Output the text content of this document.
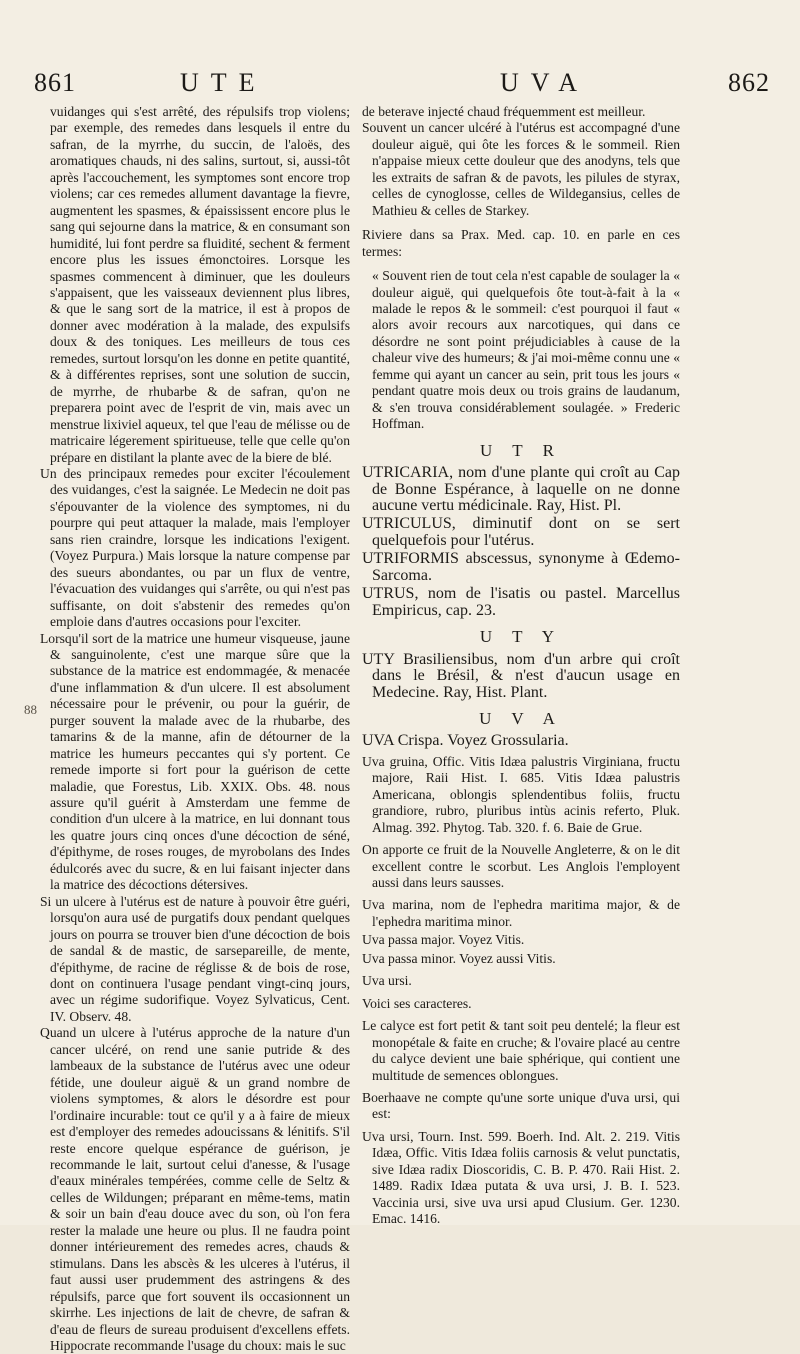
861	UTE	UVA	862

vuidanges qui s'est arrêté, des répulsifs trop violens; par exemple, des remedes dans lesquels il entre du safran, de la myrrhe, du succin, de l'aloës, des aromatiques chauds, ni des salins, surtout, si, aussi-tôt après l'accouchement, les symptomes sont encore trop violens; car ces remedes allument davantage la fievre, augmentent les spasmes, & épaississent encore plus le sang qui sejourne dans la matrice, & en consumant son humidité, lui font perdre sa fluidité, sechent & ferment encore plus les issues émonctoires. Lorsque les spasmes commencent à diminuer, que les douleurs s'appaisent, que les vaisseaux deviennent plus libres, & que le sang sort de la matrice, il est à propos de donner avec modération à la malade, des expulsifs doux & des toniques. Les meilleurs de tous ces remedes, surtout lorsqu'on les donne en petite quantité, & à différentes reprises, sont une solution de succin, de myrrhe, de rhubarbe & de safran, qu'on ne preparera point avec de l'esprit de vin, mais avec un menstrue lixiviel aqueux, tel que l'eau de mélisse ou de matricaire légerement spiritueuse, telle que celle qu'on prépare en distilant la plante avec de la biere de blé.

Un des principaux remedes pour exciter l'écoulement des vuidanges, c'est la saignée. Le Medecin ne doit pas s'épouvanter de la violence des symptomes, ni du pourpre qui peut attaquer la malade, mais l'employer sans rien craindre, lorsque les indications l'exigent. (Voyez Purpura.) Mais lorsque la nature compense par des sueurs abondantes, ou par un flux de ventre, l'évacuation des vuidanges qui s'arrête, ou qui n'est pas suffisante, on doit s'abstenir des remedes qu'on emploie dans d'autres occasions pour l'exciter.

Lorsqu'il sort de la matrice une humeur visqueuse, jaune & sanguinolente, c'est une marque sûre que la substance de la matrice est endommagée, & menacée d'une inflammation & d'un ulcere. Il est absolument nécessaire pour le prévenir, ou pour la guérir, de purger souvent la malade avec de la rhubarbe, des tamarins & de la manne, afin de détourner de la matrice les humeurs peccantes qui s'y portent. Ce remede importe si fort pour la guérison de cette maladie, que Forestus, Lib. XXIX. Obs. 48. nous assure qu'il guérit à Amsterdam une femme de condition d'un ulcere à la matrice, en lui donnant tous les quatre jours cinq onces d'une décoction de séné, d'épithyme, de roses rouges, de myrobolans des Indes édulcorés avec du sucre, & en lui faisant injecter dans la matrice des décoctions détersives.

Si un ulcere à l'utérus est de nature à pouvoir être guéri, lorsqu'on aura usé de purgatifs doux pendant quelques jours on pourra se trouver bien d'une décoction de bois de sandal & de mastic, de sarsepareille, de mente, d'épithyme, de racine de réglisse & de bois de rose, dont on continuera l'usage pendant vingt-cinq jours, avec un régime sudorifique. Voyez Sylvaticus, Cent. IV. Observ. 48.

Quand un ulcere à l'utérus approche de la nature d'un cancer ulcéré, on rend une sanie putride & des lambeaux de la substance de l'utérus avec une odeur fétide, une douleur aiguë & un grand nombre de violens symptomes, & alors le désordre est pour l'ordinaire incurable: tout ce qu'il y a à faire de mieux est d'employer des remedes adoucissans & lénitifs. S'il reste encore quelque espérance de guérison, je recommande le lait, surtout celui d'anesse, & l'usage d'eaux minérales tempérées, comme celle de Seltz & celles de Wildungen; préparant en même-tems, matin & soir un bain d'eau douce avec du son, où l'on fera rester la malade une heure ou plus. Il ne faudra point donner intérieurement des remedes acres, chauds & stimulans. Dans les abscès & les ulceres à l'utérus, il faut aussi user prudemment des astringens & des répulsifs, parce que fort souvent ils occasionnent un skirrhe. Les injections de lait de chevre, de safran & d'eau de fleurs de sureau produisent d'excellens effets. Hippocrate recommande l'usage du choux: mais le suc

88

de beterave injecté chaud fréquemment est meilleur.

Souvent un cancer ulcéré à l'utérus est accompagné d'une douleur aiguë, qui ôte les forces & le sommeil. Rien n'appaise mieux cette douleur que des anodyns, tels que les extraits de safran & de pavots, les pilules de styrax, celles de cynoglosse, celles de Wildegansius, celles de Mathieu & celles de Starkey.

Riviere dans sa Prax. Med. cap. 10. en parle en ces termes:

« Souvent rien de tout cela n'est capable de soulager la « douleur aiguë, qui quelquefois ôte tout-à-fait à la « malade le repos & le sommeil: c'est pourquoi il faut « alors avoir recours aux narcotiques, qui dans ce désordre ne sont point préjudiciables à cause de la chaleur vive des humeurs; & j'ai moi-même connu une « femme qui ayant un cancer au sein, prit tous les jours « pendant quatre mois deux ou trois grains de laudanum, & s'en trouva considérablement soulagée. » Frederic Hoffman.

U T R

UTRICARIA, nom d'une plante qui croît au Cap de Bonne Espérance, à laquelle on ne donne aucune vertu médicinale. Ray, Hist. Pl.

UTRICULUS, diminutif dont on se sert quelquefois pour l'utérus.

UTRIFORMIS abscessus, synonyme à Œdemo-Sarcoma.

UTRUS, nom de l'isatis ou pastel. Marcellus Empiricus, cap. 23.

U T Y

UTY Brasiliensibus, nom d'un arbre qui croît dans le Brésil, & n'est d'aucun usage en Medecine. Ray, Hist. Plant.

U V A

UVA Crispa. Voyez Grossularia.

Uva gruina, Offic. Vitis Idæa palustris Virginiana, fructu majore, Raii Hist. I. 685. Vitis Idæa palustris Americana, oblongis splendentibus foliis, fructu grandiore, rubro, pluribus intùs acinis referto, Pluk. Almag. 392. Phytog. Tab. 320. f. 6. Baie de Grue.

On apporte ce fruit de la Nouvelle Angleterre, & on le dit excellent contre le scorbut. Les Anglois l'employent aussi dans leurs sausses.

Uva marina, nom de l'ephedra maritima major, & de l'ephedra maritima minor.

Uva passa major. Voyez Vitis.

Uva passa minor. Voyez aussi Vitis.

Uva ursi.

Voici ses caracteres.

Le calyce est fort petit & tant soit peu dentelé; la fleur est monopétale & faite en cruche; & l'ovaire placé au centre du calyce devient une baie sphérique, qui contient une multitude de semences oblongues.

Boerhaave ne compte qu'une sorte unique d'uva ursi, qui est:

Uva ursi, Tourn. Inst. 599. Boerh. Ind. Alt. 2. 219. Vitis Idæa, Offic. Vitis Idæa foliis carnosis & velut punctatis, sive Idæa radix Dioscoridis, C. B. P. 470. Raii Hist. 2. 1489. Radix Idæa putata & uva ursi, J. B. I. 523. Vaccinia ursi, sive uva ursi apud Clusium. Ger. 1230. Emac. 1416.
